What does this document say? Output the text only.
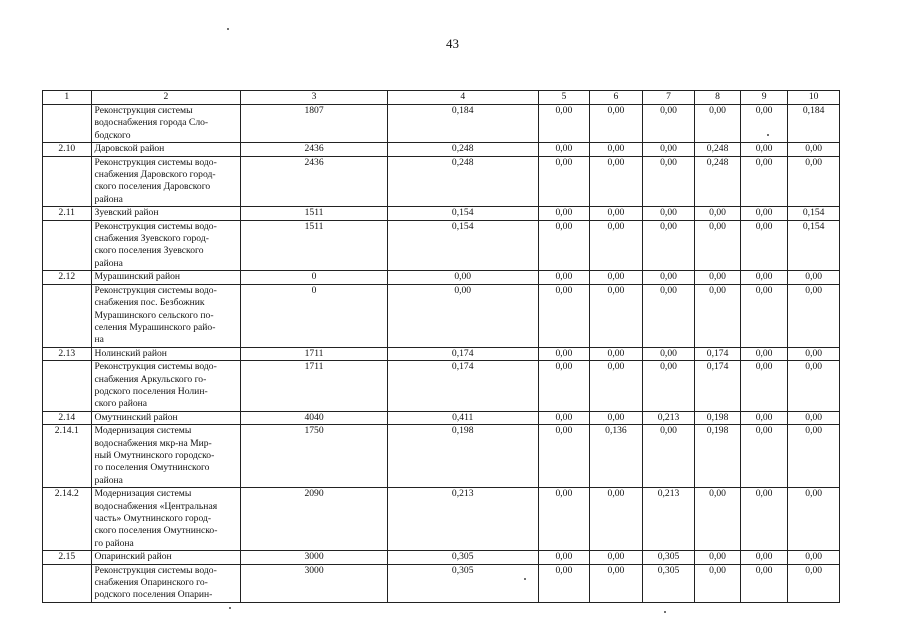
43
1	2	3	4	5	6	7	8	9	10

	Реконструкция системы
водоснабжения города Сло-
бодского	1807	0,184	0,00	0,00	0,00	0,00	0,00	0,184
2.10	Даровской район	2436	0,248	0,00	0,00	0,00	0,248	0,00	0,00

	Реконструкция системы водо-
снабжения Даровского город-
ского поселения Даровского
района	2436	0,248	0,00	0,00	0,00	0,248	0,00	0,00
2.11	Зуевский район	1511	0,154	0,00	0,00	0,00	0,00	0,00	0,154

	Реконструкция системы водо-
снабжения Зуевского город-
ского поселения Зуевского
района	1511	0,154	0,00	0,00	0,00	0,00	0,00	0,154
2.12	Мурашинский район	0	0,00	0,00	0,00	0,00	0,00	0,00	0,00

	Реконструкция системы водо-
снабжения пос. Безбожник
Мурашинского сельского по-
селения Мурашинского райо-
на	0	0,00	0,00	0,00	0,00	0,00	0,00	0,00
2.13	Нолинский район	1711	0,174	0,00	0,00	0,00	0,174	0,00	0,00

	Реконструкция системы водо-
снабжения Аркульского го-
родского поселения Нолин-
ского района	1711	0,174	0,00	0,00	0,00	0,174	0,00	0,00
2.14	Омутнинский район	4040	0,411	0,00	0,00	0,213	0,198	0,00	0,00
2.14.1	Модернизация системы
водоснабжения мкр-на Мир-
ный Омутнинского городско-
го поселения Омутнинского
района	1750	0,198	0,00	0,136	0,00	0,198	0,00	0,00
2.14.2	Модернизация системы
водоснабжения «Центральная
часть» Омутнинского город-
ского поселения Омутнинско-
го района	2090	0,213	0,00	0,00	0,213	0,00	0,00	0,00
2.15	Опаринский район	3000	0,305	0,00	0,00	0,305	0,00	0,00	0,00

	Реконструкция системы водо-
снабжения Опаринского го-
родского поселения Опарин-	3000	0,305	0,00	0,00	0,305	0,00	0,00	0,00
